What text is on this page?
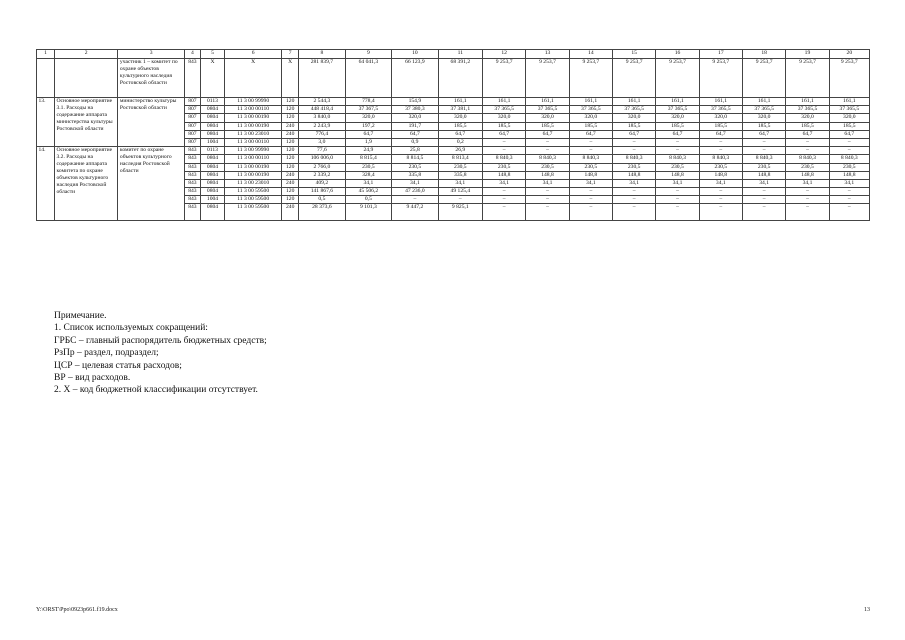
1	2	3	4	5	6	7	8	9	10	11	12	13	14	15	16	17	18	19	20
		участник 1 – комитет по охране объектов культурного наследия Ростовской области	843	Х	Х	Х	281 839,7	64 041,3	66 123,9	68 391,2	9 253,7	9 253,7	9 253,7	9 253,7	9 253,7	9 253,7	9 253,7	9 253,7	9 253,7
13.	Основное мероприятие 3.1. Расходы на содержание аппарата министерства культуры Ростовской области	министерство культуры Ростовской области	807	0113	11 3 00 99990	120	2 544,3	778,4	154,9	161,1	161,1	161,1	161,1	161,1	161,1	161,1	161,1	161,1	161,1
			807	0804	11 3 00 00110	120	448 418,4	37 367,5	37 380,3	37 381,1	37 365,5	37 365,5	37 365,5	37 365,5	37 365,5	37 365,5	37 365,5	37 365,5	37 365,5
			807	0804	11 3 00 00190	120	3 840,0	320,0	320,0	320,0	320,0	320,0	320,0	320,0	320,0	320,0	320,0	320,0	320,0
			807	0804	11 3 00 00190	240	2 243,9	197,2	191,7	185,5	185,5	185,5	185,5	185,5	185,5	185,5	185,5	185,5	185,5
			807	0804	11 3 00 23010	240	776,4	64,7	64,7	64,7	64,7	64,7	64,7	64,7	64,7	64,7	64,7	64,7	64,7
			807	1004	11 3 00 00110	120	3,0	1,9	0,9	0,2	–	–	–	–	–	–	–	–	–
14.	Основное мероприятие 3.2. Расходы на содержание аппарата комитета по охране объектов культурного наследия Ростовской области	комитет по охране объектов культурного наследия Ростовской области	843	0113	11 3 00 99990	120	77,6	24,9	25,8	26,9	–	–	–	–	–	–	–	–	–
			843	0804	11 3 00 00110	120	106 006,0	8 815,4	8 814,5	8 813,4	8 840,3	8 840,3	8 840,3	8 840,3	8 840,3	8 840,3	8 840,3	8 840,3	8 840,3
			843	0804	11 3 00 00190	120	2 766,0	230,5	230,5	230,5	230,5	230,5	230,5	230,5	230,5	230,5	230,5	230,5	230,5
			843	0804	11 3 00 00190	240	2 339,2	328,4	335,8	335,8	148,8	148,8	148,8	148,8	148,8	148,8	148,8	148,8	148,8
			843	0804	11 3 00 23010	240	409,2	34,1	34,1	34,1	34,1	34,1	34,1	34,1	34,1	34,1	34,1	34,1	34,1
			843	0804	11 3 00 59500	120	141 867,6	45 506,2	47 236,0	49 125,4	–	–	–	–	–	–	–	–	–
			843	1004	11 3 00 59500	120	0,5	0,5	–	–	–	–	–	–	–	–	–	–	–
			843	0804	11 3 00 59500	240	28 373,6	9 101,3	9 447,2	9 825,1	–	–	–	–	–	–	–	–	–
Примечание.
1. Список используемых сокращений:
ГРБС – главный распорядитель бюджетных средств;
РзПр – раздел, подраздел;
ЦСР – целевая статья расходов;
ВР – вид расходов.
2. Х – код бюджетной классификации отсутствует.
Y:\ORST\Ppo\0923p661.f19.docx	13
